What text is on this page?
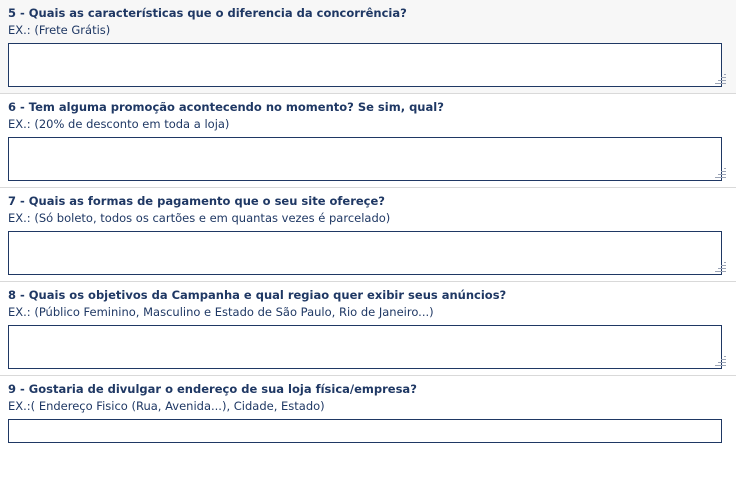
5 - Quais as características que o diferencia da concorrência?
EX.: (Frete Grátis)
6 - Tem alguma promoção acontecendo no momento? Se sim, qual?
EX.: (20% de desconto em toda a loja)
7 - Quais as formas de pagamento que o seu site ofereçe?
EX.: (Só boleto, todos os cartões e em quantas vezes é parcelado)
8 - Quais os objetivos da Campanha e qual regiao quer exibir seus anúncios?
EX.: (Público Feminino, Masculino e Estado de São Paulo, Rio de Janeiro...)
9 - Gostaria de divulgar o endereço de sua loja física/empresa?
EX.:( Endereço Fisico (Rua, Avenida...), Cidade, Estado)
